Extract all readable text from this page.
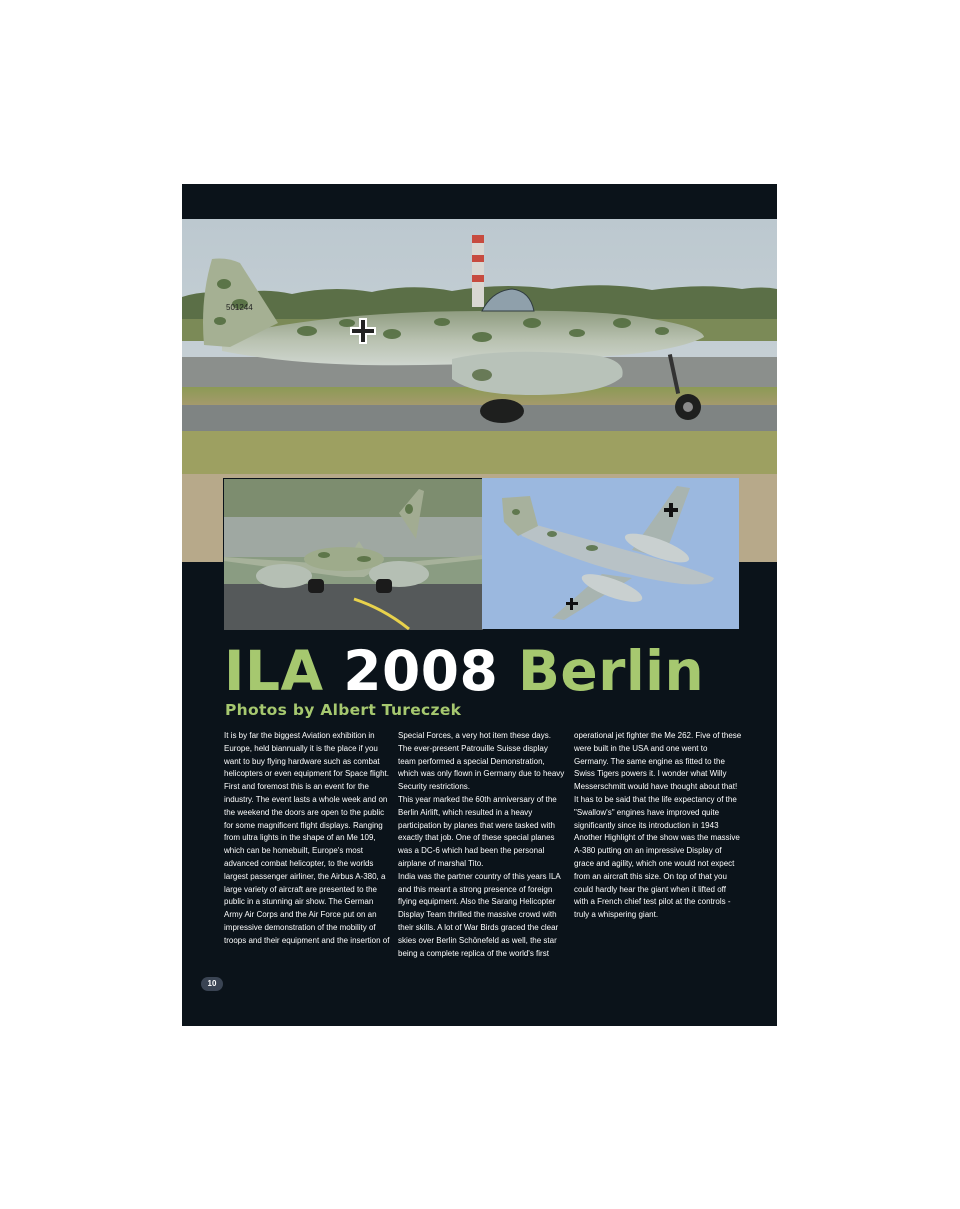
501244
ILA 2008 Berlin
Photos by Albert Tureczek

It is by far the biggest Aviation exhibition in Europe, held biannually it is the place if you want to buy flying hardware such as combat helicopters or even equipment for Space flight. First and foremost this is an event for the industry. The event lasts a whole week and on the weekend the doors are open to the public for some magnificent flight displays. Ranging from ultra lights in the shape of an Me 109, which can be homebuilt, Europe's most advanced combat helicopter, to the worlds largest passenger airliner, the Airbus A-380, a large variety of aircraft are presented to the public in a stunning air show. The German Army Air Corps and the Air Force put on an impressive demonstration of the mobility of troops and their equipment and the insertion of

Special Forces, a very hot item these days. The ever-present Patrouille Suisse display team performed a special Demonstration, which was only flown in Germany due to heavy Security restrictions.

This year marked the 60th anniversary of the Berlin Airlift, which resulted in a heavy participation by planes that were tasked with exactly that job. One of these special planes was a DC-6 which had been the personal airplane of marshal Tito.

India was the partner country of this years ILA and this meant a strong presence of foreign flying equipment. Also the Sarang Helicopter Display Team thrilled the massive crowd with their skills. A lot of War Birds graced the clear skies over Berlin Schönefeld as well, the star being a complete replica of the world's first

operational jet fighter the Me 262. Five of these were built in the USA and one went to Germany. The same engine as fitted to the Swiss Tigers powers it. I wonder what Willy Messerschmitt would have thought about that! It has to be said that the life expectancy of the "Swallow's" engines have improved quite significantly since its introduction in 1943

Another Highlight of the show was the massive A-380 putting on an impressive Display of grace and agility, which one would not expect from an aircraft this size. On top of that you could hardly hear the giant when it lifted off with a French chief test pilot at the controls - truly a whispering giant.

10
